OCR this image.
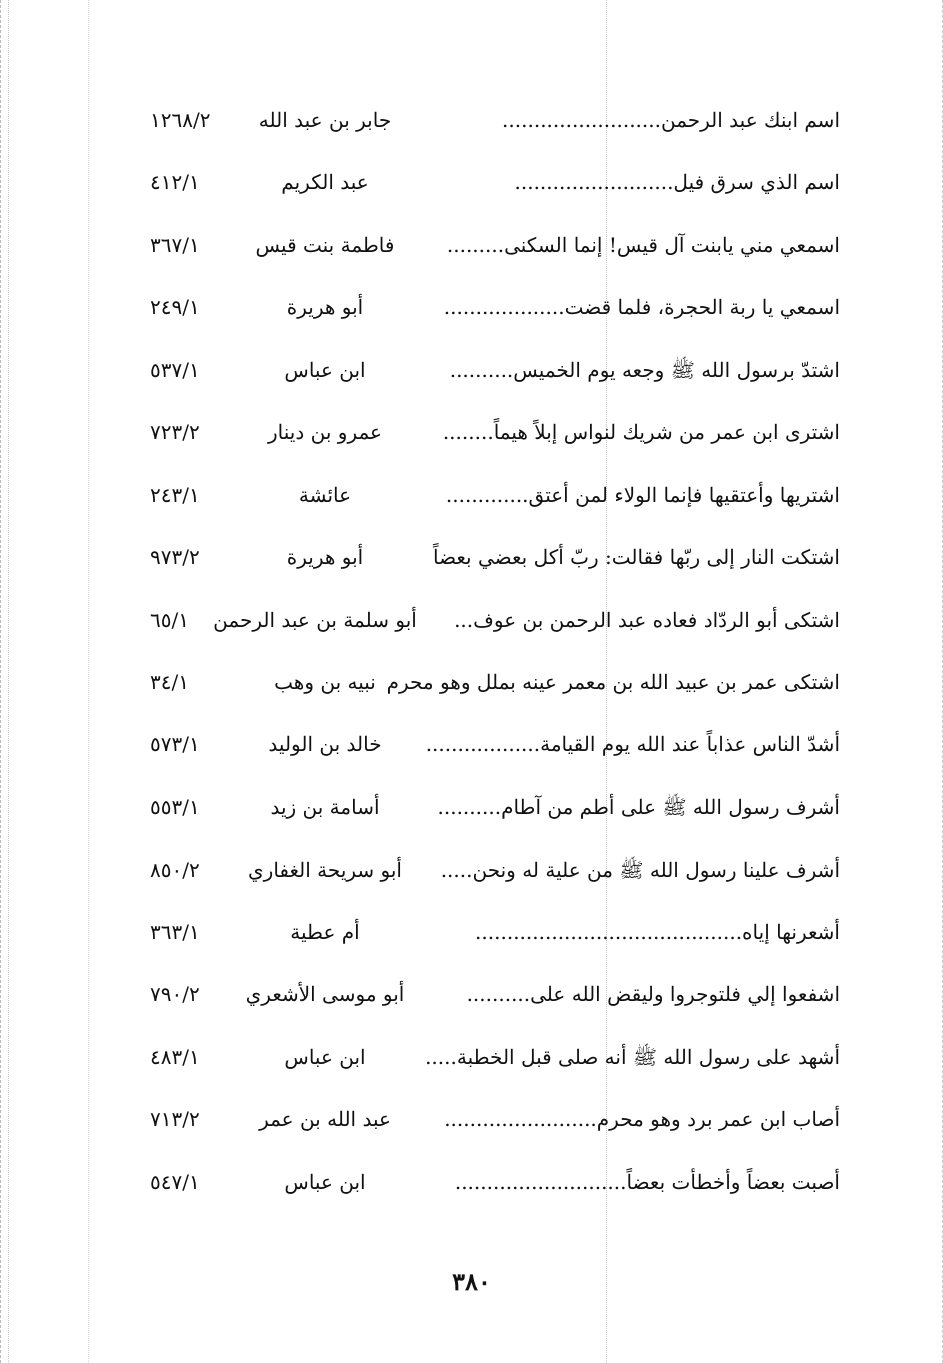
اسم ابنك عبد الرحمن.........................
جابر بن عبد الله
١٢٦٨/٢
اسم الذي سرق فيل.........................
عبد الكريم
٤١٢/١
اسمعي مني يابنت آل قيس! إنما السكنى.........
فاطمة بنت قيس
٣٦٧/١
اسمعي يا ربة الحجرة، فلما قضت...................
أبو هريرة
٢٤٩/١
اشتدّ برسول الله ﷺ وجعه يوم الخميس..........
ابن عباس
٥٣٧/١
اشترى ابن عمر من شريك لنواس إبلاً هيماً........
عمرو بن دينار
٧٢٣/٢
اشتريها وأعتقيها فإنما الولاء لمن أعتق.............
عائشة
٢٤٣/١
اشتكت النار إلى ربّها فقالت: ربّ أكل بعضي بعضاً
أبو هريرة
٩٧٣/٢
اشتكى أبو الردّاد فعاده عبد الرحمن بن عوف...
أبو سلمة بن عبد الرحمن
٦٥/١
اشتكى عمر بن عبيد الله بن معمر عينه بملل وهو محرم
نبيه بن وهب
٣٤/١
أشدّ الناس عذاباً عند الله يوم القيامة..................
خالد بن الوليد
٥٧٣/١
أشرف رسول الله ﷺ على أطم من آطام..........
أسامة بن زيد
٥٥٣/١
أشرف علينا رسول الله ﷺ من علية له ونحن.....
أبو سريحة الغفاري
٨٥٠/٢
أشعرنها إياه..........................................
أم عطية
٣٦٣/١
اشفعوا إلي فلتوجروا وليقض الله على..........
أبو موسى الأشعري
٧٩٠/٢
أشهد على رسول الله ﷺ أنه صلى قبل الخطبة.....
ابن عباس
٤٨٣/١
أصاب ابن عمر برد وهو محرم........................
عبد الله بن عمر
٧١٣/٢
أصبت بعضاً وأخطأت بعضاً...........................
ابن عباس
٥٤٧/١
٣٨٠
